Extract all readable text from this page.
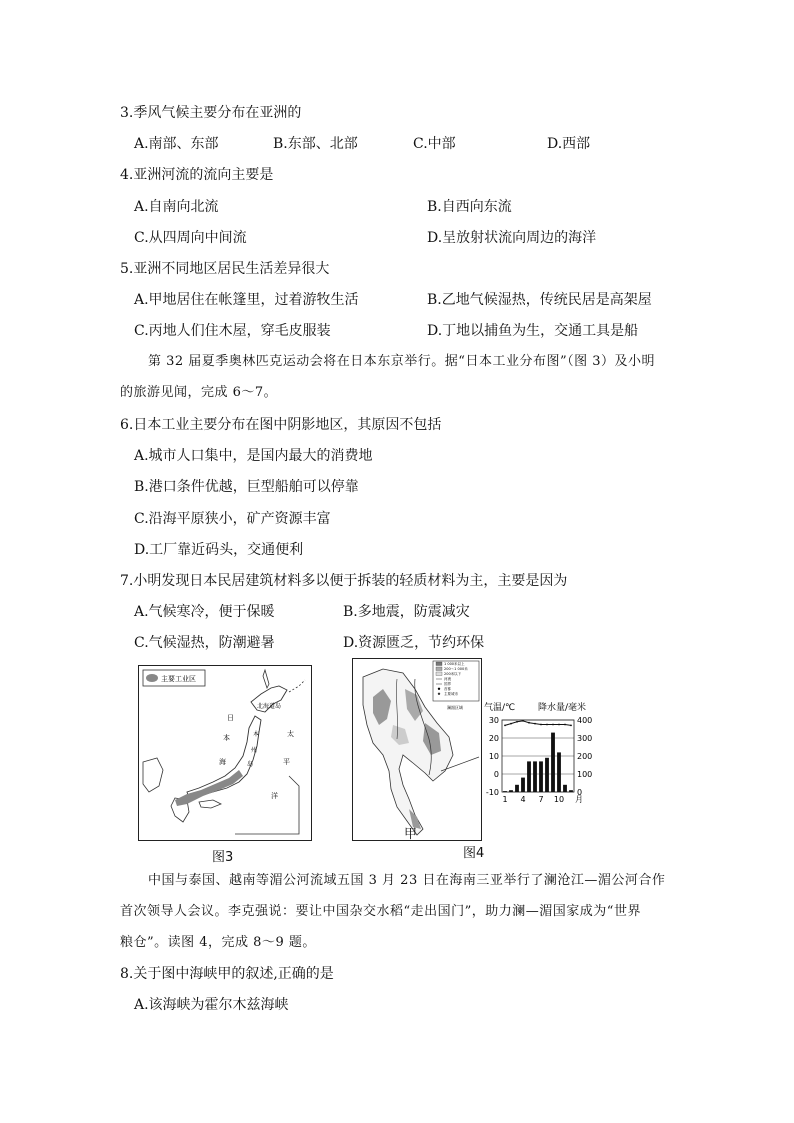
3.季风气候主要分布在亚洲的
A.南部、东部	B.东部、北部	C.中部	D.西部
4.亚洲河流的流向主要是
A.自南向北流	B.自西向东流
C.从四周向中间流	D.呈放射状流向周边的海洋
5.亚洲不同地区居民生活差异很大
A.甲地居住在帐篷里，过着游牧生活	B.乙地气候湿热，传统民居是高架屋
C.丙地人们住木屋，穿毛皮服装	D.丁地以捕鱼为生，交通工具是船
第 32 届夏季奥林匹克运动会将在日本东京举行。据“日本工业分布图”（图 3）及小明
的旅游见闻，完成 6～7。
6.日本工业主要分布在图中阴影地区，其原因不包括
A.城市人口集中，是国内最大的消费地
B.港口条件优越，巨型船舶可以停靠
C.沿海平原狭小，矿产资源丰富
D.工厂靠近码头，交通便利
7.小明发现日本民居建筑材料多以便于拆装的轻质材料为主，主要是因为
A.气候寒冷，便于保暖	B.多地震，防震减灾
C.气候湿热，防潮避暑	D.资源匮乏，节约环保
主要工业区
北海道岛
日
本
海
太
平
洋
本
州
岛
图3
1 000米以上
200～1 000米
200米以下
河流
国界
首都
主要城市
澜湄区域
甲
图4
气温/℃	降水量/毫米
-10
0
10
20
30
0
100
200
300
400
1 4 7 10 月
中国与泰国、越南等湄公河流域五国 3 月 23 日在海南三亚举行了澜沧江—湄公河合作
首次领导人会议。李克强说：要让中国杂交水稻“走出国门”，助力澜—湄国家成为“世界
粮仓”。读图 4，完成 8～9 题。
8.关于图中海峡甲的叙述,正确的是
A.该海峡为霍尔木兹海峡
